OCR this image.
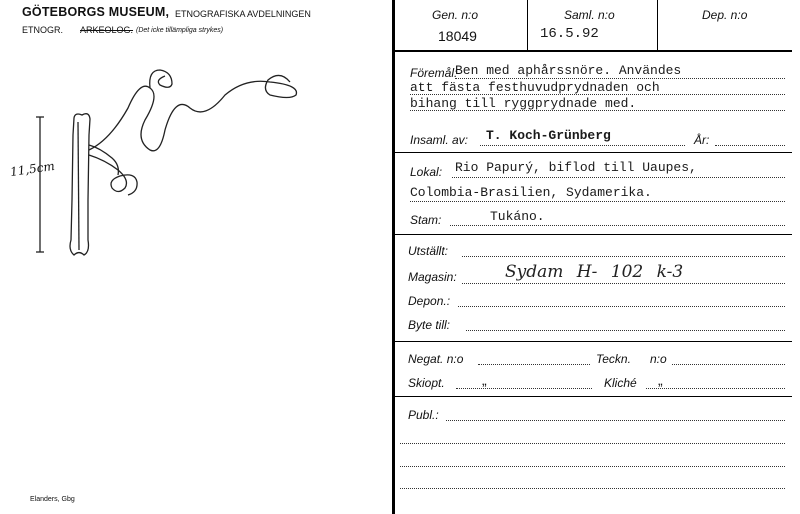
GÖTEBORGS MUSEUM, ETNOGRAFISKA AVDELNINGEN
ETNOGR. ARKEOLOG. (Det icke tillämpliga strykes)
11,5cm
Elanders, Gbg
Gen. n:o
18049
Saml. n:o
16.5.92
Dep. n:o
Föremål:
Ben med aphårssnöre. Användes
att fästa festhuvudprydnaden och
bihang till ryggprydnade med.
Insaml. av: T. Koch-Grünberg	År:
Lokal: Rio Papurý, biflod till Uaupes,
Colombia-Brasilien, Sydamerika.
Stam:	Tukáno.
Utställt:
Magasin:	Sydam H- 102 k-3
Depon.:
Byte till:
Negat. n:o	Teckn. n:o
Skiopt.	„	Kliché „
Publ.:
